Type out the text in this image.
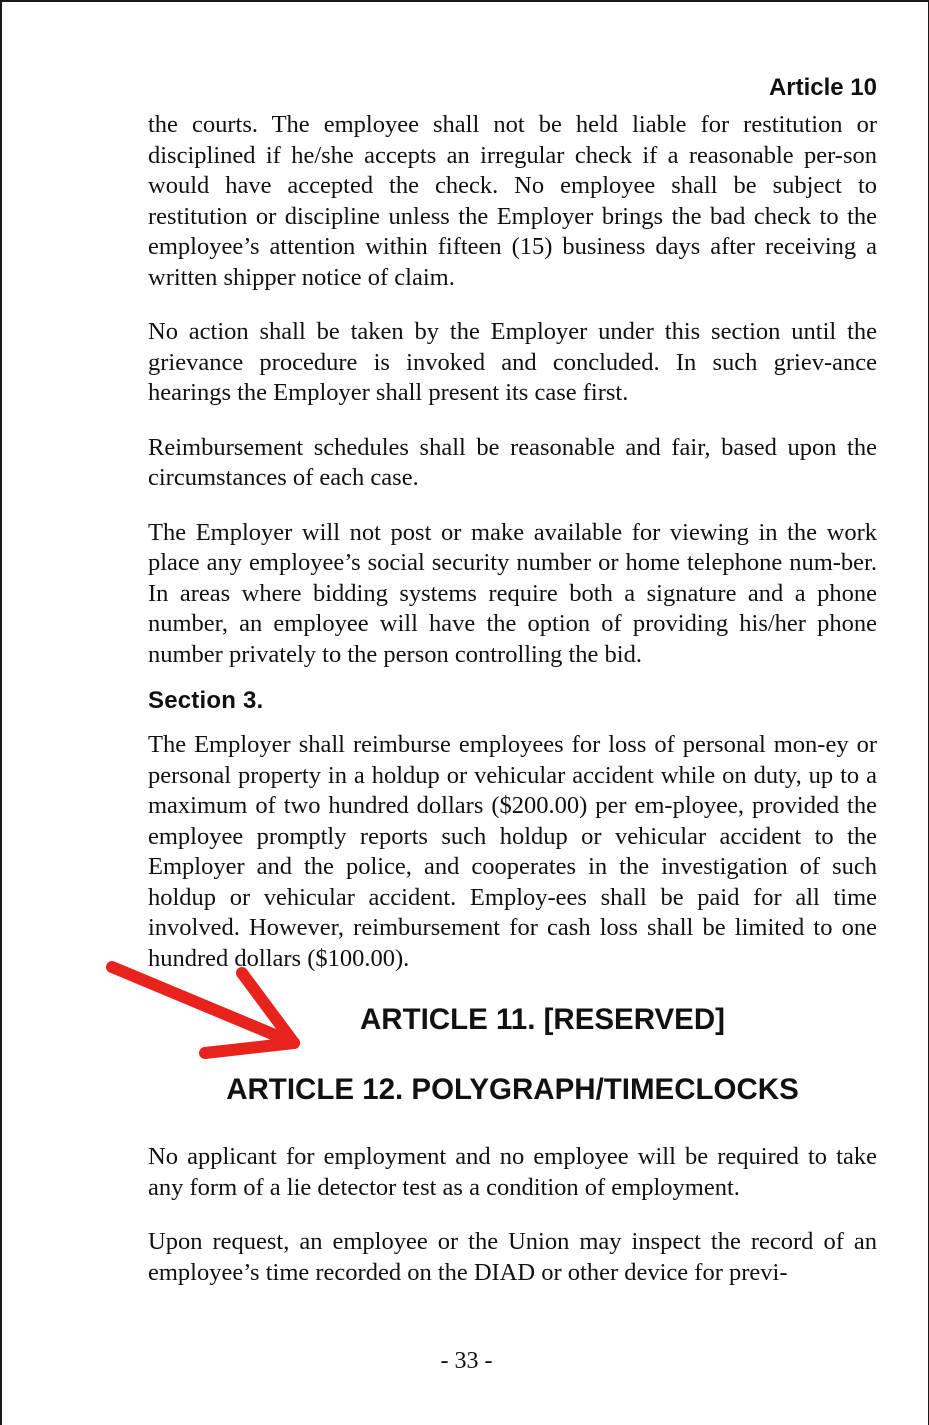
Article 10

the courts. The employee shall not be held liable for restitution or disciplined if he/she accepts an irregular check if a reasonable per-son would have accepted the check. No employee shall be subject to restitution or discipline unless the Employer brings the bad check to the employee’s attention within fifteen (15) business days after receiving a written shipper notice of claim.

No action shall be taken by the Employer under this section until the grievance procedure is invoked and concluded. In such griev-ance hearings the Employer shall present its case first.

Reimbursement schedules shall be reasonable and fair, based upon the circumstances of each case.

The Employer will not post or make available for viewing in the work place any employee’s social security number or home telephone num-ber. In areas where bidding systems require both a signature and a phone number, an employee will have the option of providing his/her phone number privately to the person controlling the bid.

Section 3.

The Employer shall reimburse employees for loss of personal mon-ey or personal property in a holdup or vehicular accident while on duty, up to a maximum of two hundred dollars ($200.00) per em-ployee, provided the employee promptly reports such holdup or vehicular accident to the Employer and the police, and cooperates in the investigation of such holdup or vehicular accident. Employ-ees shall be paid for all time involved. However, reimbursement for cash loss shall be limited to one hundred dollars ($100.00).

ARTICLE 11. [RESERVED]
ARTICLE 12. POLYGRAPH/TIMECLOCKS

No applicant for employment and no employee will be required to take any form of a lie detector test as a condition of employment.

Upon request, an employee or the Union may inspect the record of an employee’s time recorded on the DIAD or other device for previ-

- 33 -
